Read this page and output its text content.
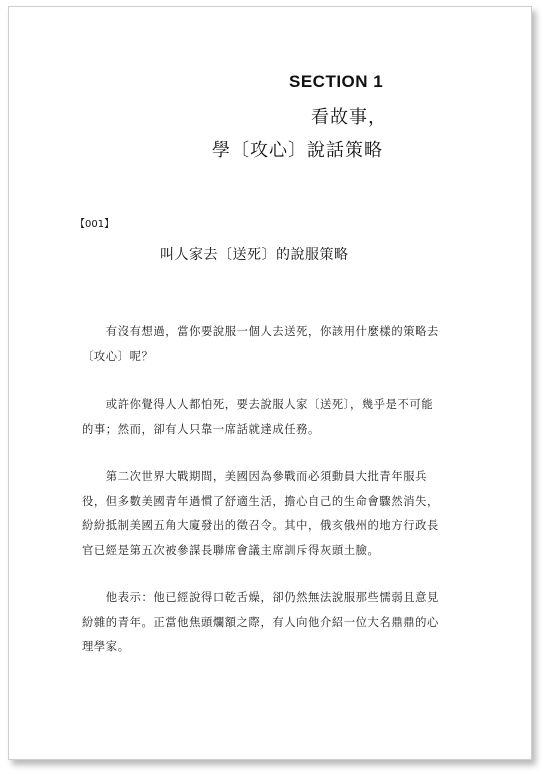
SECTION 1
看故事，
學〔攻心〕說話策略
【001】
叫人家去〔送死〕的說服策略
　　有沒有想過，當你要說服一個人去送死，你該用什麼樣的策略去
〔攻心〕呢？
　　或許你覺得人人都怕死，要去說服人家〔送死〕，幾乎是不可能
的事；然而，卻有人只靠一席話就達成任務。
　　第二次世界大戰期間，美國因為參戰而必須動員大批青年服兵
役，但多數美國青年過慣了舒適生活，擔心自己的生命會驟然消失，
紛紛抵制美國五角大廈發出的徵召令。其中，俄亥俄州的地方行政長
官已經是第五次被參謀長聯席會議主席訓斥得灰頭土臉。
　　他表示：他已經說得口乾舌燥，卻仍然無法說服那些懦弱且意見
紛雜的青年。正當他焦頭爛額之際，有人向他介紹一位大名鼎鼎的心
理學家。
